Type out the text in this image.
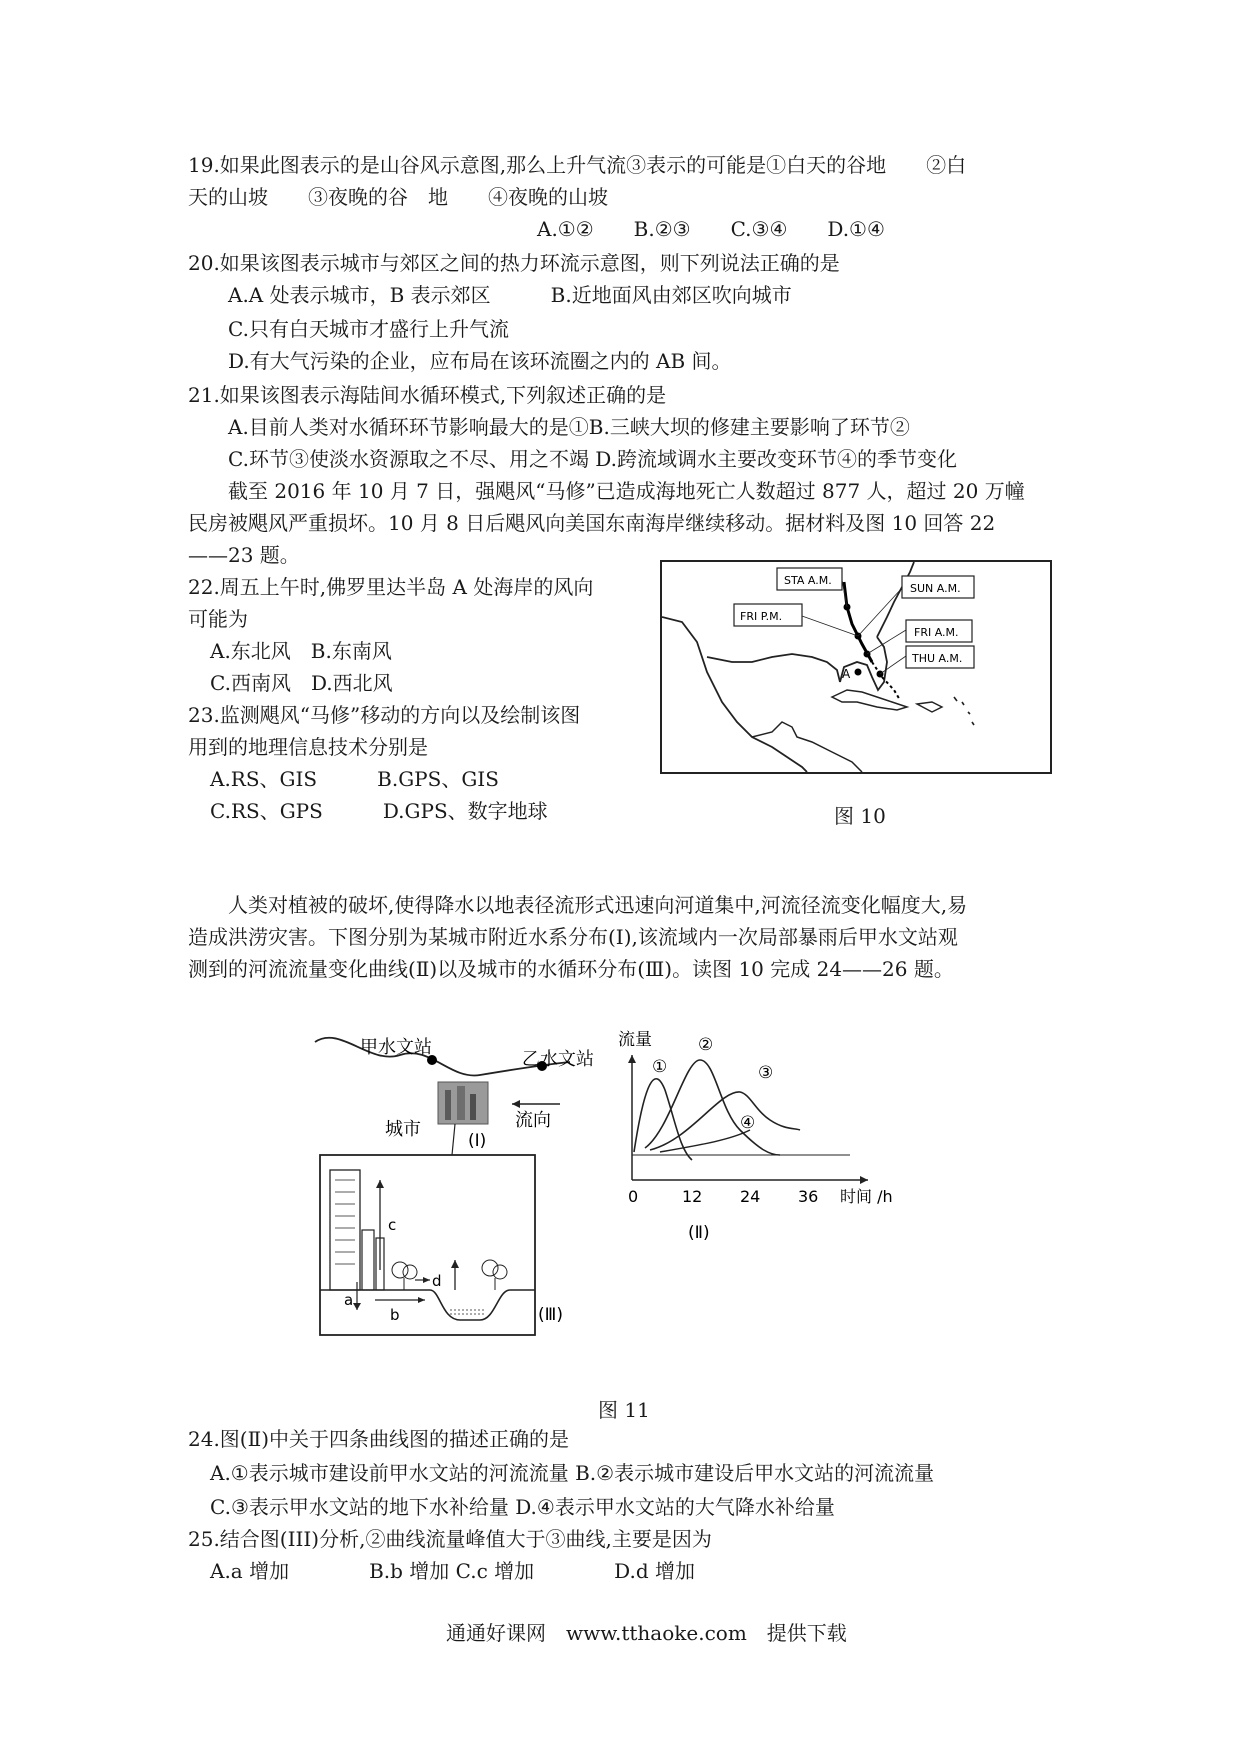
19.如果此图表示的是山谷风示意图,那么上升气流③表示的可能是①白天的谷地　　②白
天的山坡　　③夜晚的谷　地　　④夜晚的山坡
A.①②　　B.②③　　C.③④　　D.①④
20.如果该图表示城市与郊区之间的热力环流示意图，则下列说法正确的是
A.A 处表示城市，B 表示郊区　　　B.近地面风由郊区吹向城市
C.只有白天城市才盛行上升气流
D.有大气污染的企业，应布局在该环流圈之内的 AB 间。
21.如果该图表示海陆间水循环模式,下列叙述正确的是
A.目前人类对水循环环节影响最大的是①B.三峡大坝的修建主要影响了环节②
C.环节③使淡水资源取之不尽、用之不竭 D.跨流域调水主要改变环节④的季节变化
截至 2016 年 10 月 7 日，强飓风“马修”已造成海地死亡人数超过 877 人，超过 20 万幢
民房被飓风严重损坏。10 月 8 日后飓风向美国东南海岸继续移动。据材料及图 10 回答 22
——23 题。
22.周五上午时,佛罗里达半岛 A 处海岸的风向
可能为
A.东北风　B.东南风
C.西南风　D.西北风
23.监测飓风“马修”移动的方向以及绘制该图
用到的地理信息技术分别是
A.RS、GIS　　　B.GPS、GIS
C.RS、GPS　　　D.GPS、数字地球
A
STA A.M.
SUN A.M.
FRI P.M.
FRI A.M.
THU A.M.
图 10
人类对植被的破坏,使得降水以地表径流形式迅速向河道集中,河流径流变化幅度大,易
造成洪涝灾害。下图分别为某城市附近水系分布(Ⅰ),该流域内一次局部暴雨后甲水文站观
测到的河流流量变化曲线(Ⅱ)以及城市的水循环分布(Ⅲ)。读图 10 完成 24——26 题。
甲水文站
乙水文站
城市
(Ⅰ)
流向
c
d
a
b	(Ⅲ)
流量
①
②
③
④
0	12 24 36 时间 /h
(Ⅱ)
图 11
24.图(Ⅱ)中关于四条曲线图的描述正确的是
A.①表示城市建设前甲水文站的河流流量 B.②表示城市建设后甲水文站的河流流量
C.③表示甲水文站的地下水补给量 D.④表示甲水文站的大气降水补给量
25.结合图(III)分析,②曲线流量峰值大于③曲线,主要是因为
A.a 增加　　　　B.b 增加 C.c 增加　　　　D.d 增加
通通好课网　www.tthaoke.com　提供下载
